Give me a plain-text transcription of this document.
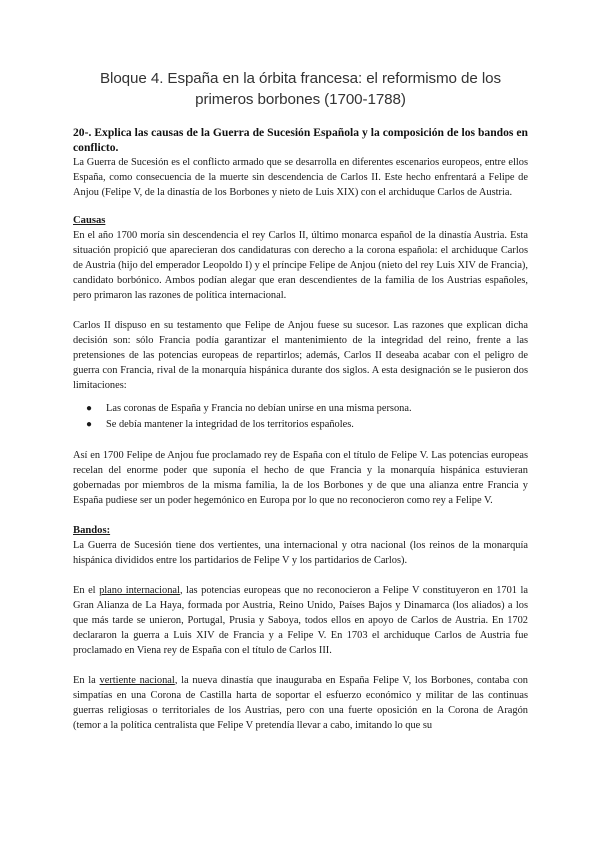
Bloque 4. España en la órbita francesa: el reformismo de los primeros borbones (1700-1788)
20-. Explica las causas de la Guerra de Sucesión Española y la composición de los bandos en conflicto.

La Guerra de Sucesión es el conflicto armado que se desarrolla en diferentes escenarios europeos, entre ellos España, como consecuencia de la muerte sin descendencia de Carlos II. Este hecho enfrentará a Felipe de Anjou (Felipe V, de la dinastía de los Borbones y nieto de Luis XIX) con el archiduque Carlos de Austria.

Causas

En el año 1700 moría sin descendencia el rey Carlos II, último monarca español de la dinastía Austria. Esta situación propició que aparecieran dos candidaturas con derecho a la corona española: el archiduque Carlos de Austria (hijo del emperador Leopoldo I) y el príncipe Felipe de Anjou (nieto del rey Luis XIV de Francia), candidato borbónico. Ambos podían alegar que eran descendientes de la familia de los Austrias españoles, pero primaron las razones de política internacional.

Carlos II dispuso en su testamento que Felipe de Anjou fuese su sucesor. Las razones que explican dicha decisión son: sólo Francia podía garantizar el mantenimiento de la integridad del reino, frente a las pretensiones de las potencias europeas de repartirlos; además, Carlos II deseaba acabar con el peligro de guerra con Francia, rival de la monarquía hispánica durante dos siglos. A esta designación se le pusieron dos limitaciones:

● Las coronas de España y Francia no debían unirse en una misma persona.
● Se debía mantener la integridad de los territorios españoles.

Así en 1700 Felipe de Anjou fue proclamado rey de España con el título de Felipe V. Las potencias europeas recelan del enorme poder que suponía el hecho de que Francia y la monarquía hispánica estuvieran gobernadas por miembros de la misma familia, la de los Borbones y de que una alianza entre Francia y España pudiese ser un poder hegemónico en Europa por lo que no reconocieron como rey a Felipe V.

Bandos:

La Guerra de Sucesión tiene dos vertientes, una internacional y otra nacional (los reinos de la monarquía hispánica divididos entre los partidarios de Felipe V y los partidarios de Carlos).

En el plano internacional, las potencias europeas que no reconocieron a Felipe V constituyeron en 1701 la Gran Alianza de La Haya, formada por Austria, Reino Unido, Países Bajos y Dinamarca (los aliados) a los que más tarde se unieron, Portugal, Prusia y Saboya, todos ellos en apoyo de Carlos de Austria. En 1702 declararon la guerra a Luis XIV de Francia y a Felipe V. En 1703 el archiduque Carlos de Austria fue proclamado en Viena rey de España con el título de Carlos III.

En la vertiente nacional, la nueva dinastía que inauguraba en España Felipe V, los Borbones, contaba con simpatías en una Corona de Castilla harta de soportar el esfuerzo económico y militar de las continuas guerras religiosas o territoriales de los Austrias, pero con una fuerte oposición en la Corona de Aragón (temor a la política centralista que Felipe V pretendía llevar a cabo, imitando lo que su
